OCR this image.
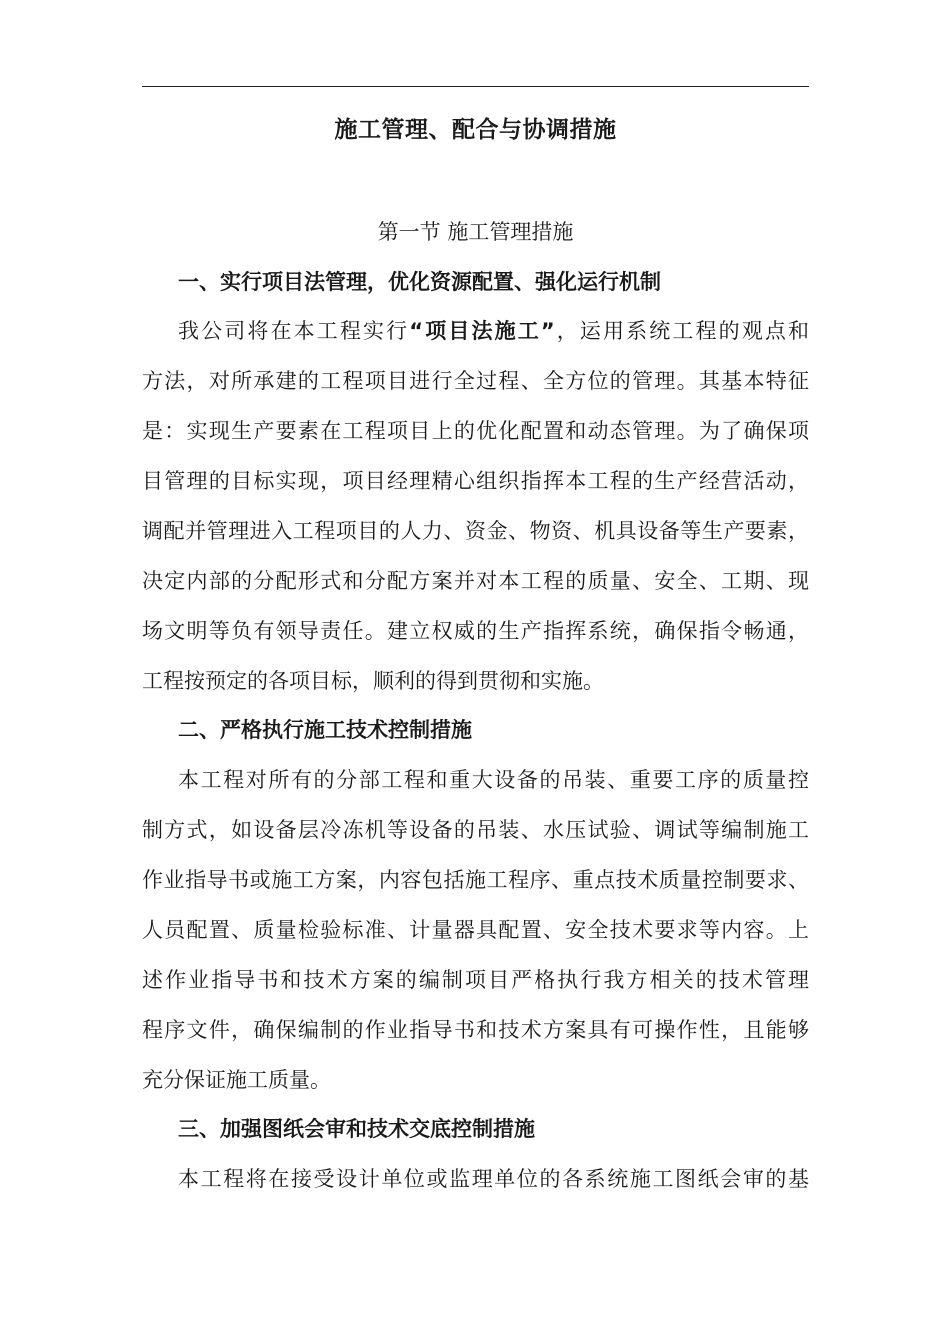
施工管理、配合与协调措施
第一节 施工管理措施
一、实行项目法管理，优化资源配置、强化运行机制
我公司将在本工程实行“项目法施工”，运用系统工程的观点和
方法，对所承建的工程项目进行全过程、全方位的管理。其基本特征
是：实现生产要素在工程项目上的优化配置和动态管理。为了确保项
目管理的目标实现，项目经理精心组织指挥本工程的生产经营活动，
调配并管理进入工程项目的人力、资金、物资、机具设备等生产要素，
决定内部的分配形式和分配方案并对本工程的质量、安全、工期、现
场文明等负有领导责任。建立权威的生产指挥系统，确保指令畅通，
工程按预定的各项目标，顺利的得到贯彻和实施。
二、严格执行施工技术控制措施
本工程对所有的分部工程和重大设备的吊装、重要工序的质量控
制方式，如设备层冷冻机等设备的吊装、水压试验、调试等编制施工
作业指导书或施工方案，内容包括施工程序、重点技术质量控制要求、
人员配置、质量检验标准、计量器具配置、安全技术要求等内容。上
述作业指导书和技术方案的编制项目严格执行我方相关的技术管理
程序文件，确保编制的作业指导书和技术方案具有可操作性，且能够
充分保证施工质量。
三、加强图纸会审和技术交底控制措施
本工程将在接受设计单位或监理单位的各系统施工图纸会审的基
